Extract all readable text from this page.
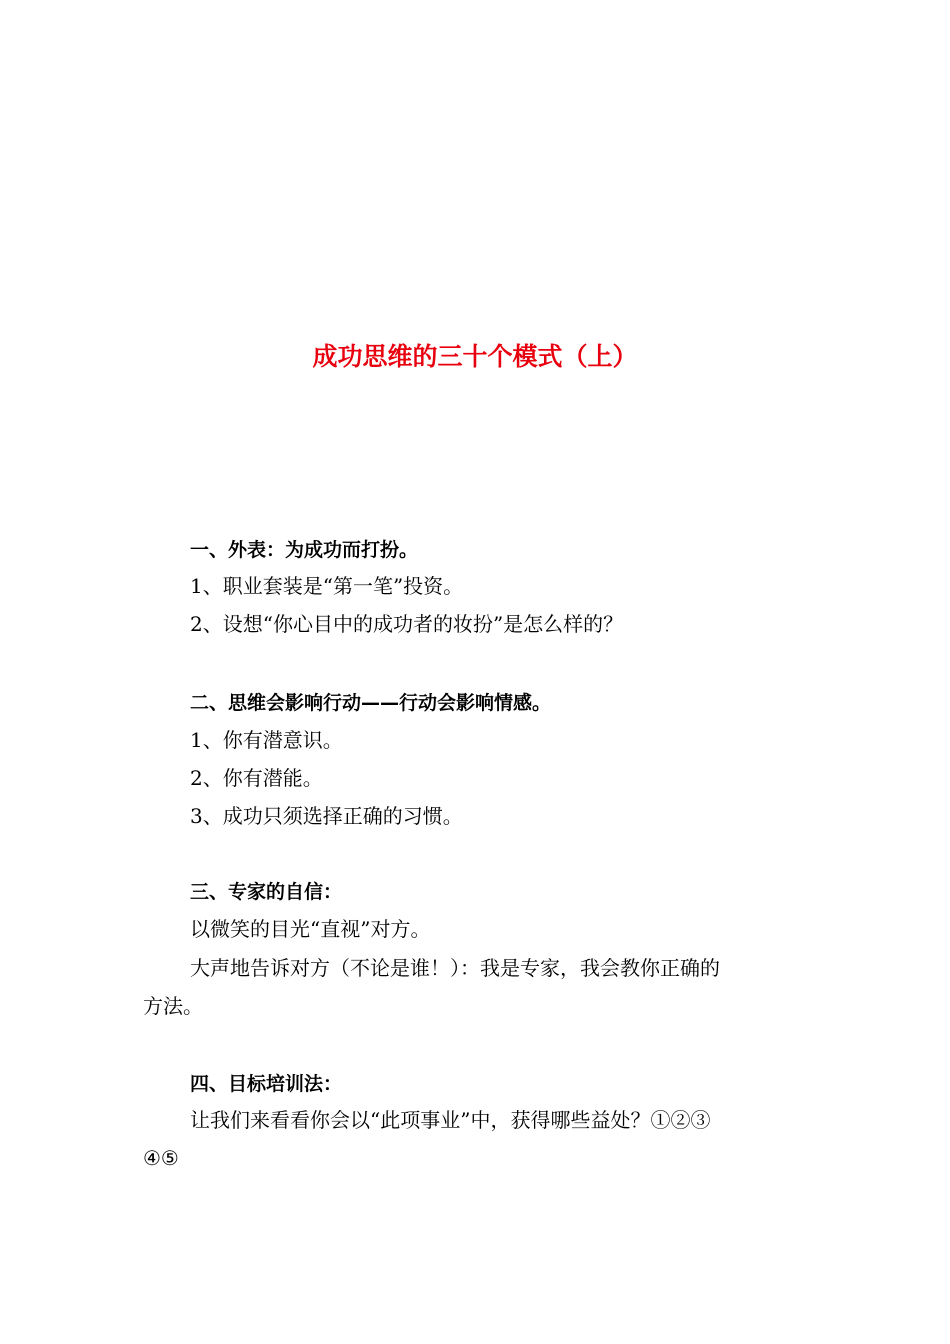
成功思维的三十个模式（上）
一、外表：为成功而打扮。
1、职业套装是“第一笔”投资。
2、设想“你心目中的成功者的妆扮”是怎么样的？
二、思维会影响行动——行动会影响情感。
1、你有潜意识。
2、你有潜能。
3、成功只须选择正确的习惯。
三、专家的自信：
以微笑的目光“直视”对方。
大声地告诉对方（不论是谁！）：我是专家，我会教你正确的
方法。
四、目标培训法：
让我们来看看你会以“此项事业”中，获得哪些益处？①②③
④⑤
